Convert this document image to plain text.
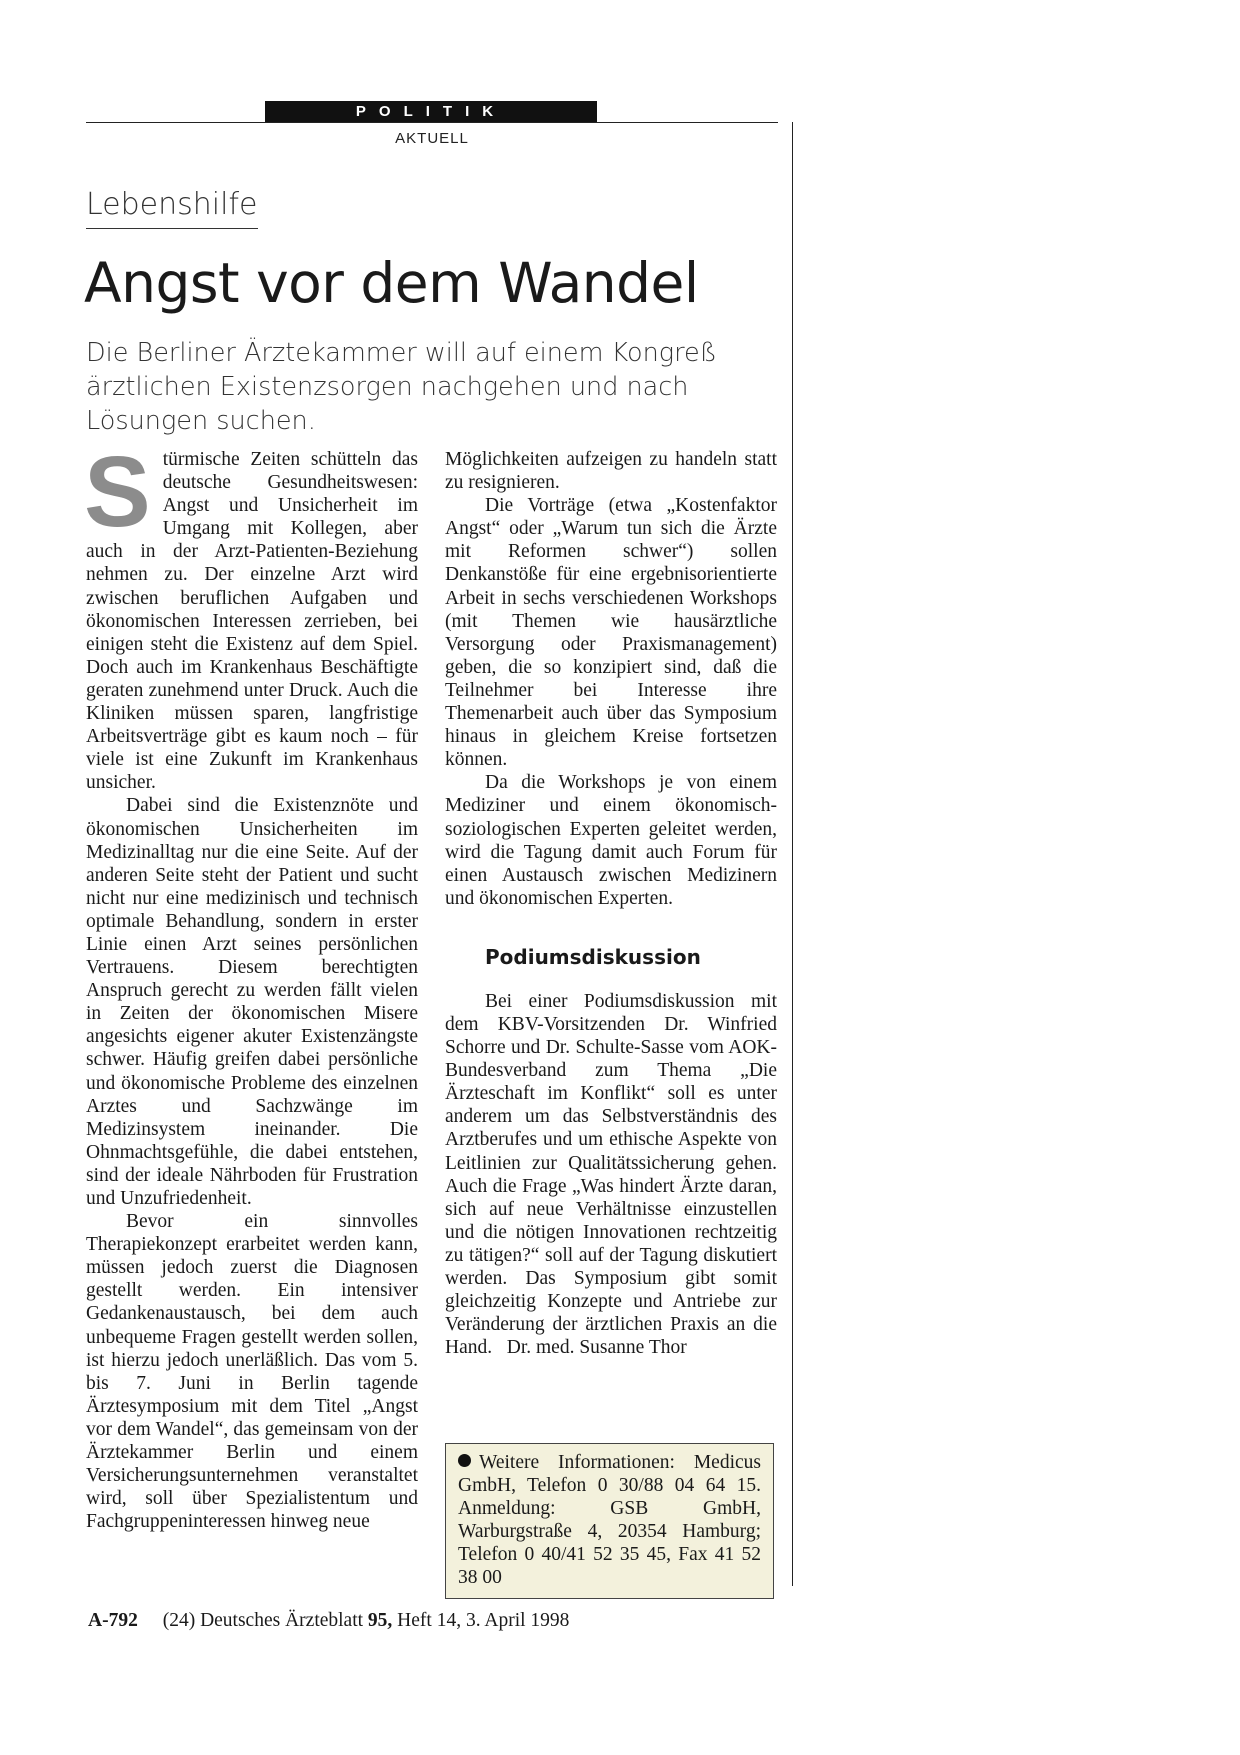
POLITIK
AKTUELL
Lebenshilfe
Angst vor dem Wandel
Die Berliner Ärztekammer will auf einem Kongreß ärztlichen Existenzsorgen nachgehen und nach Lösungen suchen.

Stürmische Zeiten schütteln das deutsche Gesundheitswesen: Angst und Unsicherheit im Umgang mit Kollegen, aber auch in der Arzt-Patienten-Beziehung nehmen zu. Der einzelne Arzt wird zwischen beruflichen Aufgaben und ökonomischen Interessen zerrieben, bei einigen steht die Existenz auf dem Spiel. Doch auch im Krankenhaus Beschäftigte geraten zunehmend unter Druck. Auch die Kliniken müssen sparen, langfristige Arbeitsverträge gibt es kaum noch – für viele ist eine Zukunft im Krankenhaus unsicher.

Dabei sind die Existenznöte und ökonomischen Unsicherheiten im Medizinalltag nur die eine Seite. Auf der anderen Seite steht der Patient und sucht nicht nur eine medizinisch und technisch optimale Behandlung, sondern in erster Linie einen Arzt seines persönlichen Vertrauens. Diesem berechtigten Anspruch gerecht zu werden fällt vielen in Zeiten der ökonomischen Misere angesichts eigener akuter Existenzängste schwer. Häufig greifen dabei persönliche und ökonomische Probleme des einzelnen Arztes und Sachzwänge im Medizinsystem ineinander. Die Ohnmachtsgefühle, die dabei entstehen, sind der ideale Nährboden für Frustration und Unzufriedenheit.

Bevor ein sinnvolles Therapiekonzept erarbeitet werden kann, müssen jedoch zuerst die Diagnosen gestellt werden. Ein intensiver Gedankenaustausch, bei dem auch unbequeme Fragen gestellt werden sollen, ist hierzu jedoch unerläßlich. Das vom 5. bis 7. Juni in Berlin tagende Ärztesymposium mit dem Titel „Angst vor dem Wandel“, das gemeinsam von der Ärztekammer Berlin und einem Versicherungsunternehmen veranstaltet wird, soll über Spezialistentum und Fachgruppeninteressen hinweg neue

Möglichkeiten aufzeigen zu handeln statt zu resignieren.

Die Vorträge (etwa „Kostenfaktor Angst“ oder „Warum tun sich die Ärzte mit Reformen schwer“) sollen Denkanstöße für eine ergebnisorientierte Arbeit in sechs verschiedenen Workshops (mit Themen wie hausärztliche Versorgung oder Praxismanagement) geben, die so konzipiert sind, daß die Teilnehmer bei Interesse ihre Themenarbeit auch über das Symposium hinaus in gleichem Kreise fortsetzen können.

Da die Workshops je von einem Mediziner und einem ökonomisch-soziologischen Experten geleitet werden, wird die Tagung damit auch Forum für einen Austausch zwischen Medizinern und ökonomischen Experten.

Podiumsdiskussion

Bei einer Podiumsdiskussion mit dem KBV-Vorsitzenden Dr. Winfried Schorre und Dr. Schulte-Sasse vom AOK-Bundesverband zum Thema „Die Ärzteschaft im Konflikt“ soll es unter anderem um das Selbstverständnis des Arztberufes und um ethische Aspekte von Leitlinien zur Qualitätssicherung gehen. Auch die Frage „Was hindert Ärzte daran, sich auf neue Verhältnisse einzustellen und die nötigen Innovationen rechtzeitig zu tätigen?“ soll auf der Tagung diskutiert werden. Das Symposium gibt somit gleichzeitig Konzepte und Antriebe zur Veränderung der ärztlichen Praxis an die Hand. Dr. med. Susanne Thor

Weitere Informationen: Medicus GmbH, Telefon 0 30/88 04 64 15. Anmeldung: GSB GmbH, Warburgstraße 4, 20354 Hamburg; Telefon 0 40/41 52 35 45, Fax 41 52 38 00
A-792 (24) Deutsches Ärzteblatt 95, Heft 14, 3. April 1998
